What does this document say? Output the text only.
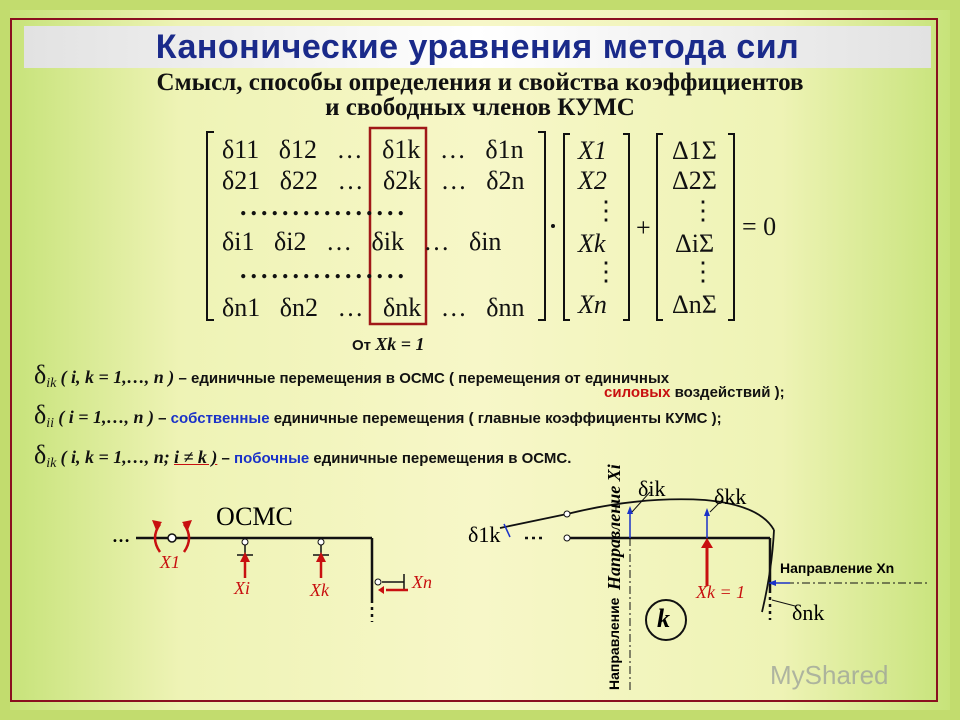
Канонические уравнения метода сил
Смысл, способы определения и свойства коэффициентов
и свободных членов КУМС
+
δ11 δ12 … δ1k … δ1n
δ21 δ22 … δ2k … δ2n
................
δi1 δi2 … δik … δin
................
δn1 δn2 … δnk … δnn
X1
X2
⋮
Xk
⋮
Xn
Δ1Σ
Δ2Σ
⋮
ΔiΣ
⋮
ΔnΣ
= 0
От Xk = 1
$\delta_{ik}$ ( i, k = 1,…, n ) – единичные перемещения в ОСМС ( перемещения от единичных
силовых воздействий );
$\delta_{ii}$ ( i = 1,…, n ) – собственные единичные перемещения ( главные коэффициенты КУМС );
$\delta_{ik}$ ( i, k = 1,…, n; i ≠ k ) – побочные единичные перемещения в ОСМС.
…
ОСМС
X1
Xi	Xk	Xn
δik δkk
δ1k
δnk
Направление Xn
Направление
Направление Xi
Xk = 1
k
MyShared
